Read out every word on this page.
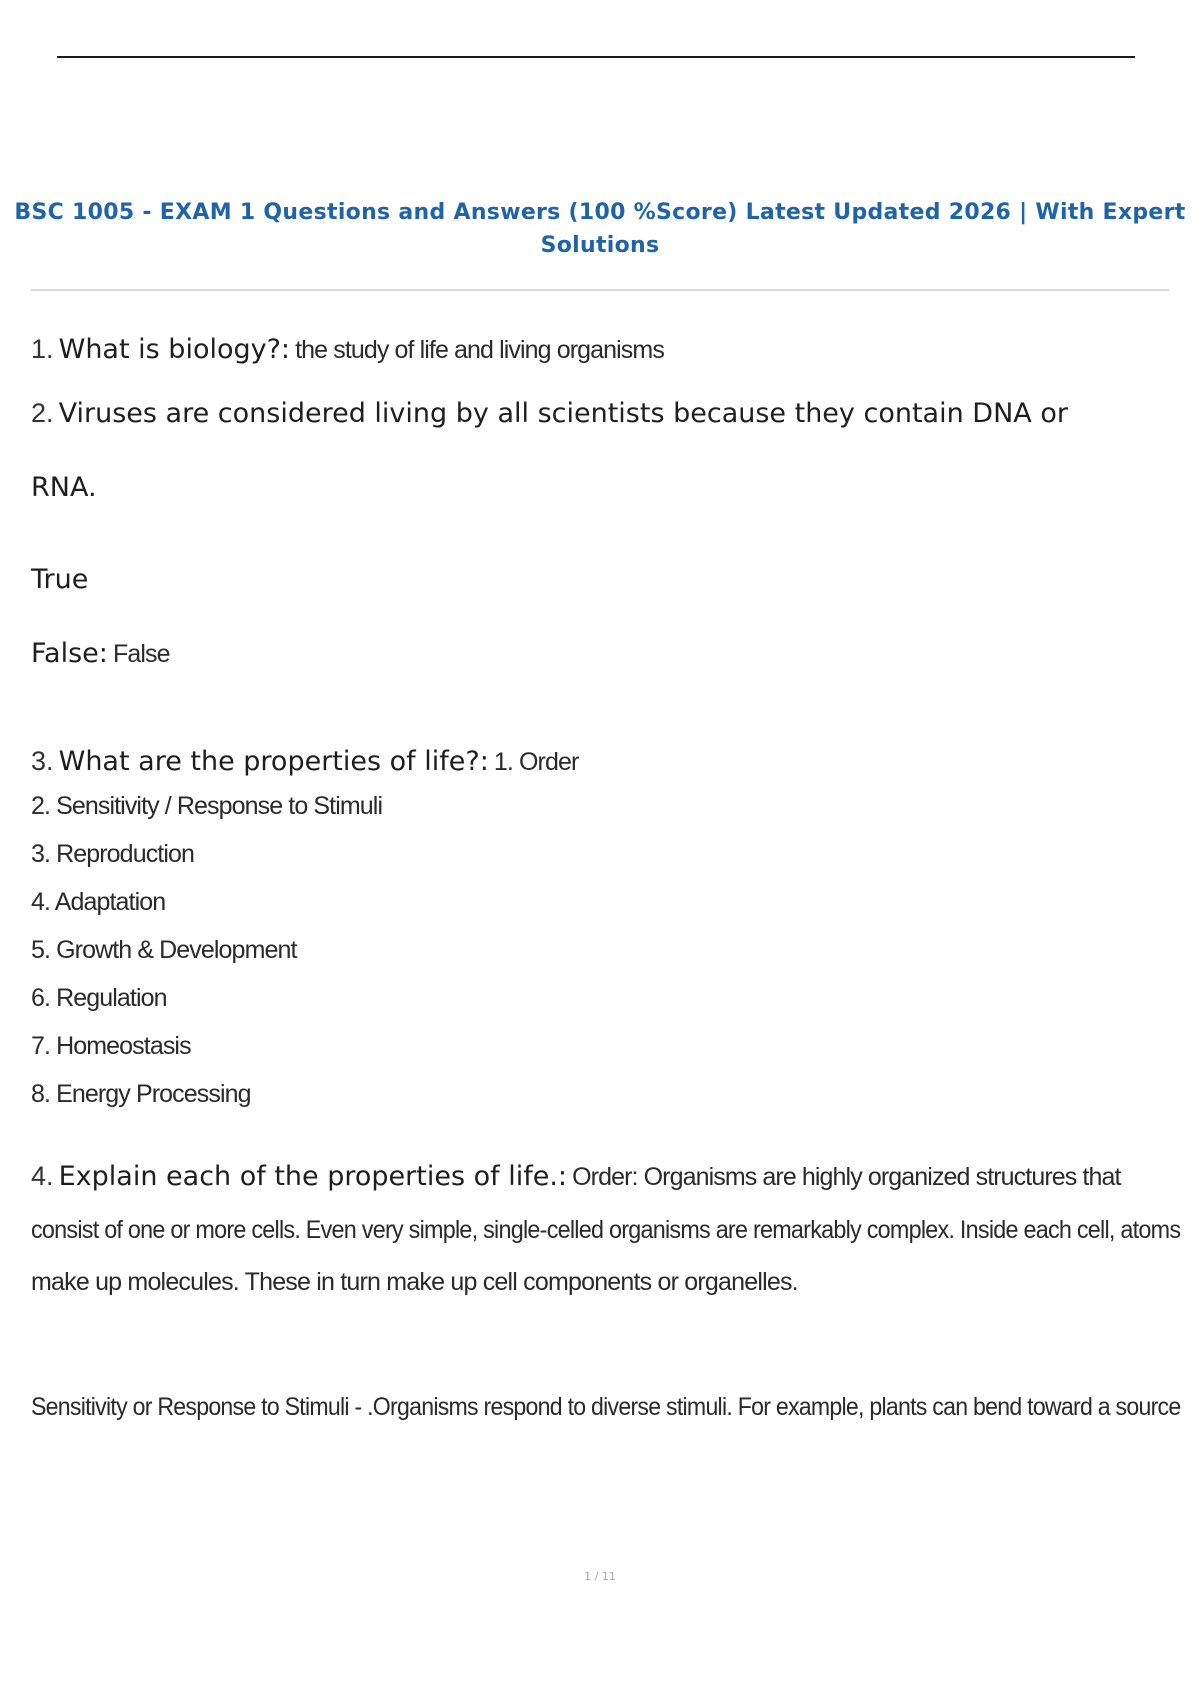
BSC 1005 - EXAM 1 Questions and Answers (100 %Score) Latest Updated 2026 | With Expert
Solutions
1. What is biology?: the study of life and living organisms
2. Viruses are considered living by all scientists because they contain DNA or
RNA.
True
False: False
3. What are the properties of life?: 1. Order
2. Sensitivity / Response to Stimuli
3. Reproduction
4. Adaptation
5. Growth & Development
6. Regulation
7. Homeostasis
8. Energy Processing
4. Explain each of the properties of life.: Order: Organisms are highly organized structures that
consist of one or more cells. Even very simple, single-celled organisms are remarkably complex. Inside each cell, atoms
make up molecules. These in turn make up cell components or organelles.
Sensitivity or Response to Stimuli - .Organisms respond to diverse stimuli. For example, plants can bend toward a source
1 / 11
